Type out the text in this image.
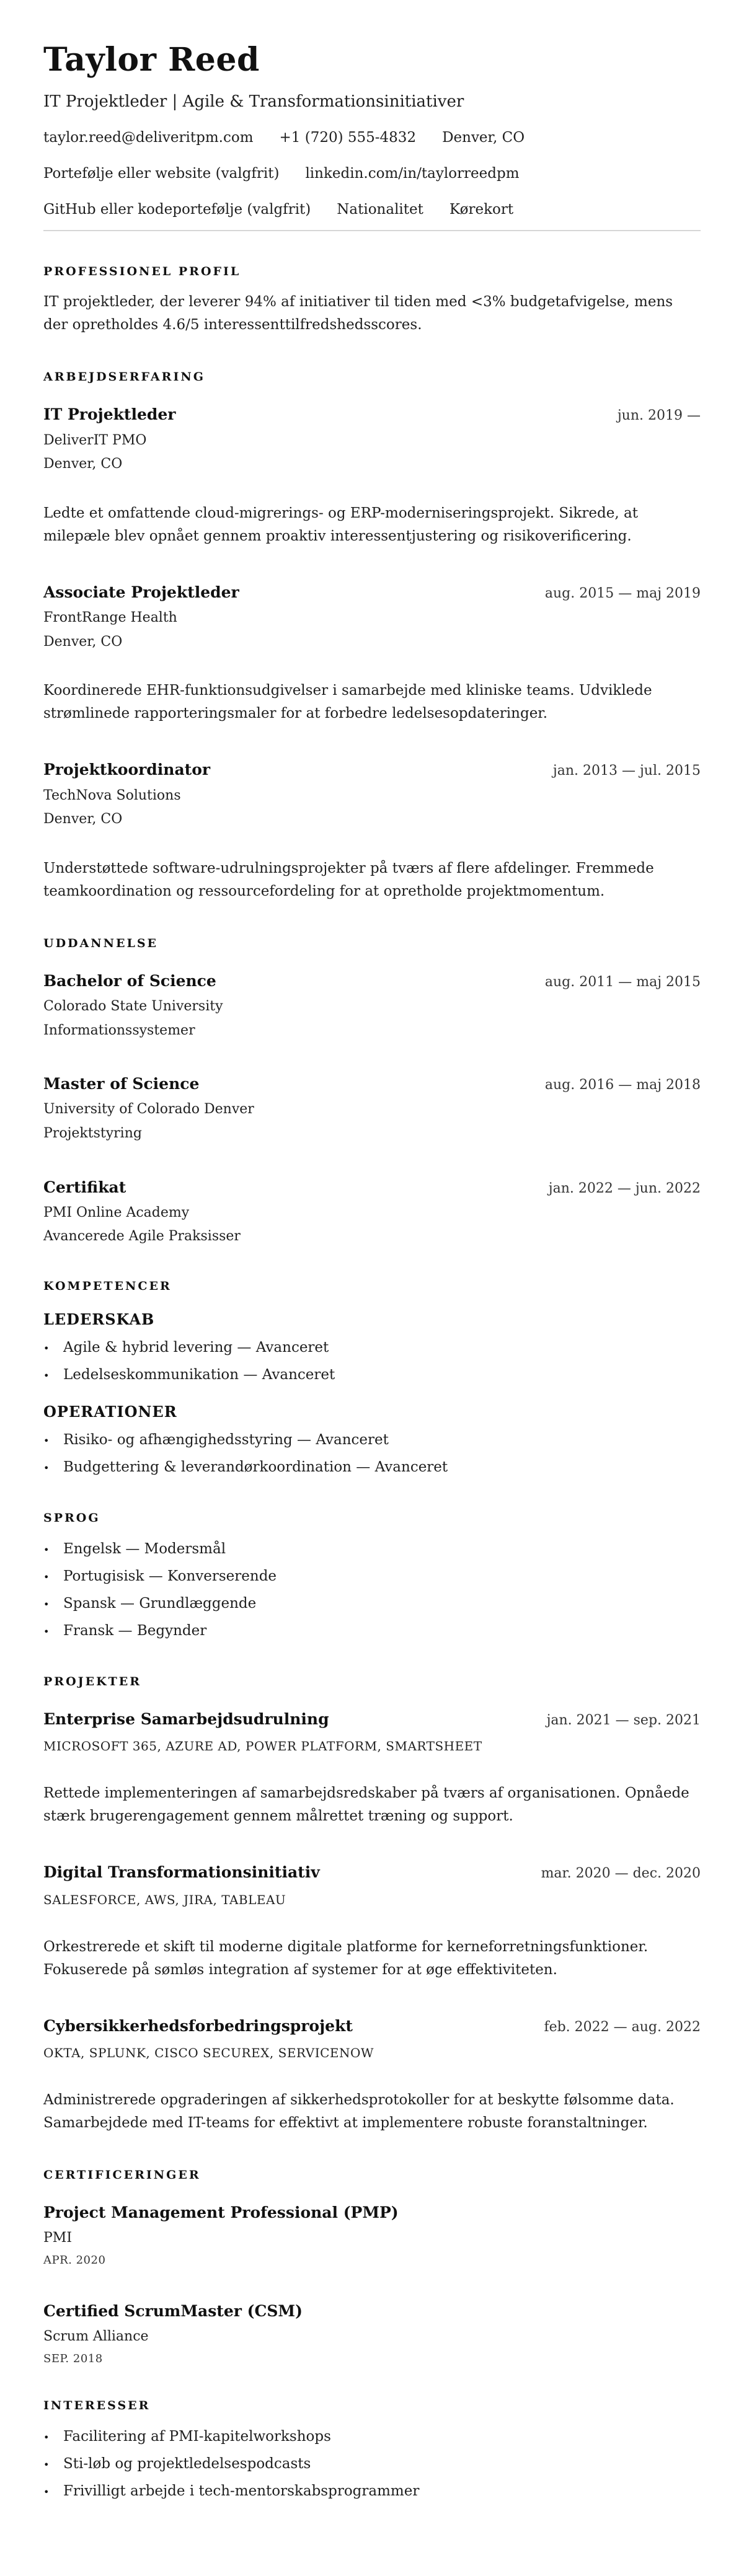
Taylor Reed
IT Projektleder | Agile & Transformationsinitiativer
taylor.reed@deliveritpm.com +1 (720) 555-4832 Denver, CO
Portefølje eller website (valgfrit) linkedin.com/in/taylorreedpm
GitHub eller kodeportefølje (valgfrit) Nationalitet Kørekort
PROFESSIONEL PROFIL

IT projektleder, der leverer 94% af initiativer til tiden med <3% budgetafvigelse, mens der opretholdes 4.6/5 interessenttilfredshedsscores.

ARBEJDSERFARING
IT Projektleder	jun. 2019 —
DeliverIT PMO
Denver, CO

Ledte et omfattende cloud-migrerings- og ERP-moderniseringsprojekt. Sikrede, at milepæle blev opnået gennem proaktiv interessentjustering og risikoverificering.

Associate Projektleder	aug. 2015 — maj 2019
FrontRange Health
Denver, CO

Koordinerede EHR-funktionsudgivelser i samarbejde med kliniske teams. Udviklede strømlinede rapporteringsmaler for at forbedre ledelsesopdateringer.

Projektkoordinator	jan. 2013 — jul. 2015
TechNova Solutions
Denver, CO

Understøttede software-udrulningsprojekter på tværs af flere afdelinger. Fremmede teamkoordination og ressourcefordeling for at opretholde projektmomentum.

UDDANNELSE
Bachelor of Science	aug. 2011 — maj 2015
Colorado State University
Informationssystemer
Master of Science	aug. 2016 — maj 2018
University of Colorado Denver
Projektstyring
Certifikat	jan. 2022 — jun. 2022
PMI Online Academy
Avancerede Agile Praksisser
KOMPETENCER
LEDERSKAB
• Agile & hybrid levering — Avanceret
• Ledelseskommunikation — Avanceret
OPERATIONER
• Risiko- og afhængighedsstyring — Avanceret
• Budgettering & leverandørkoordination — Avanceret
SPROG
• Engelsk — Modersmål
• Portugisisk — Konverserende
• Spansk — Grundlæggende
• Fransk — Begynder
PROJEKTER
Enterprise Samarbejdsudrulning	jan. 2021 — sep. 2021
MICROSOFT 365, AZURE AD, POWER PLATFORM, SMARTSHEET

Rettede implementeringen af samarbejdsredskaber på tværs af organisationen. Opnåede stærk brugerengagement gennem målrettet træning og support.

Digital Transformationsinitiativ	mar. 2020 — dec. 2020
SALESFORCE, AWS, JIRA, TABLEAU

Orkestrerede et skift til moderne digitale platforme for kerneforretningsfunktioner. Fokuserede på sømløs integration af systemer for at øge effektiviteten.

Cybersikkerhedsforbedringsprojekt	feb. 2022 — aug. 2022
OKTA, SPLUNK, CISCO SECUREX, SERVICENOW

Administrerede opgraderingen af sikkerhedsprotokoller for at beskytte følsomme data. Samarbejdede med IT-teams for effektivt at implementere robuste foranstaltninger.

CERTIFICERINGER
Project Management Professional (PMP)
PMI
APR. 2020
Certified ScrumMaster (CSM)
Scrum Alliance
SEP. 2018
INTERESSER
• Facilitering af PMI-kapitelworkshops
• Sti-løb og projektledelsespodcasts
• Frivilligt arbejde i tech-mentorskabsprogrammer
